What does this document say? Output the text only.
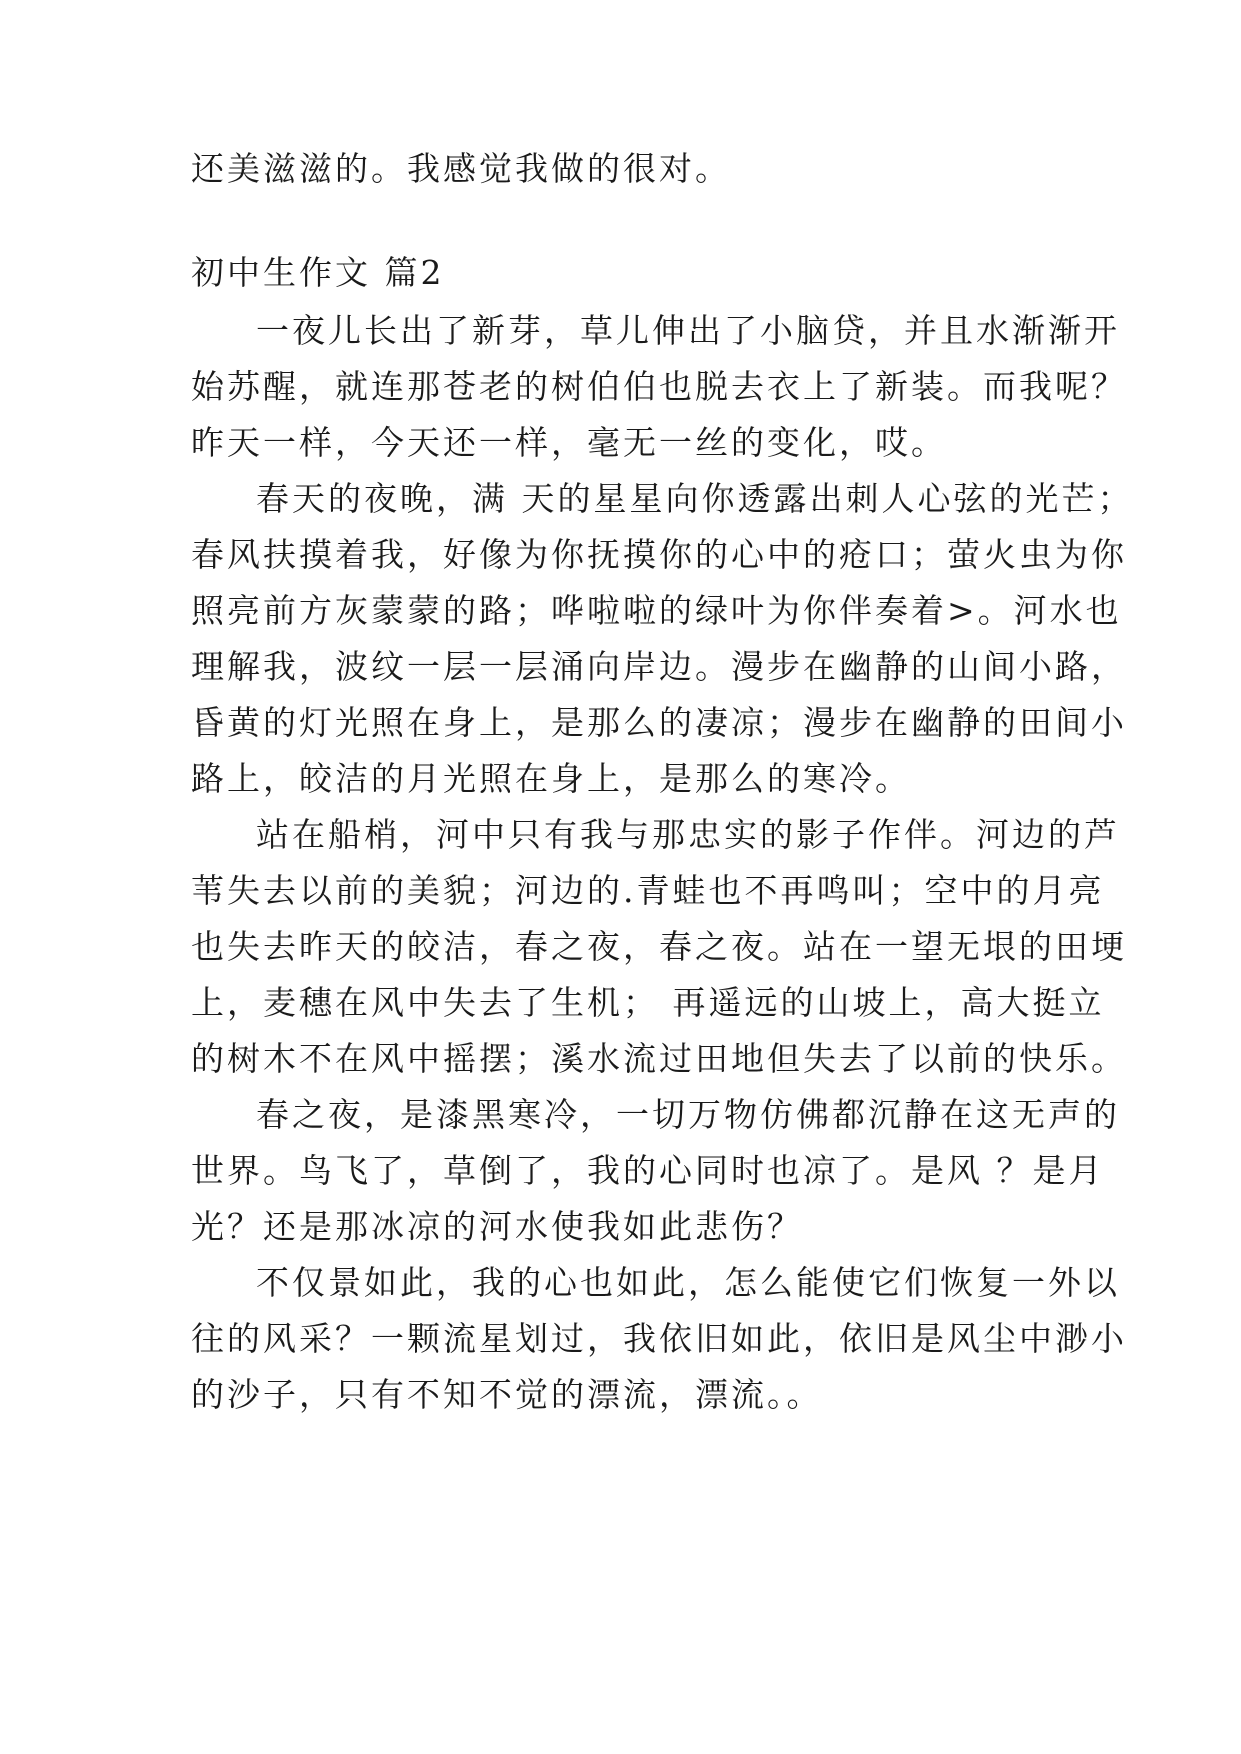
还美滋滋的。我感觉我做的很对。

初中生作文 篇2

一夜儿长出了新芽，草儿伸出了小脑贷，并且水渐渐开

始苏醒，就连那苍老的树伯伯也脱去衣上了新装。而我呢？

昨天一样，今天还一样，毫无一丝的变化，哎。

春天的夜晚，满 天的星星向你透露出刺人心弦的光芒；

春风扶摸着我，好像为你抚摸你的心中的疮口；萤火虫为你

照亮前方灰蒙蒙的路；哗啦啦的绿叶为你伴奏着>。河水也

理解我，波纹一层一层涌向岸边。漫步在幽静的山间小路，

昏黄的灯光照在身上，是那么的凄凉；漫步在幽静的田间小

路上，皎洁的月光照在身上，是那么的寒冷。

站在船梢，河中只有我与那忠实的影子作伴。河边的芦

苇失去以前的美貌；河边的.青蛙也不再鸣叫；空中的月亮

也失去昨天的皎洁，春之夜，春之夜。站在一望无垠的田埂

上，麦穗在风中失去了生机； 再遥远的山坡上，高大挺立

的树木不在风中摇摆；溪水流过田地但失去了以前的快乐。

春之夜，是漆黑寒冷，一切万物仿佛都沉静在这无声的

世界。鸟飞了，草倒了，我的心同时也凉了。是风 ？是月

光？还是那冰凉的河水使我如此悲伤？

不仅景如此，我的心也如此，怎么能使它们恢复一外以

往的风采？一颗流星划过，我依旧如此，依旧是风尘中渺小

的沙子，只有不知不觉的漂流，漂流。。
